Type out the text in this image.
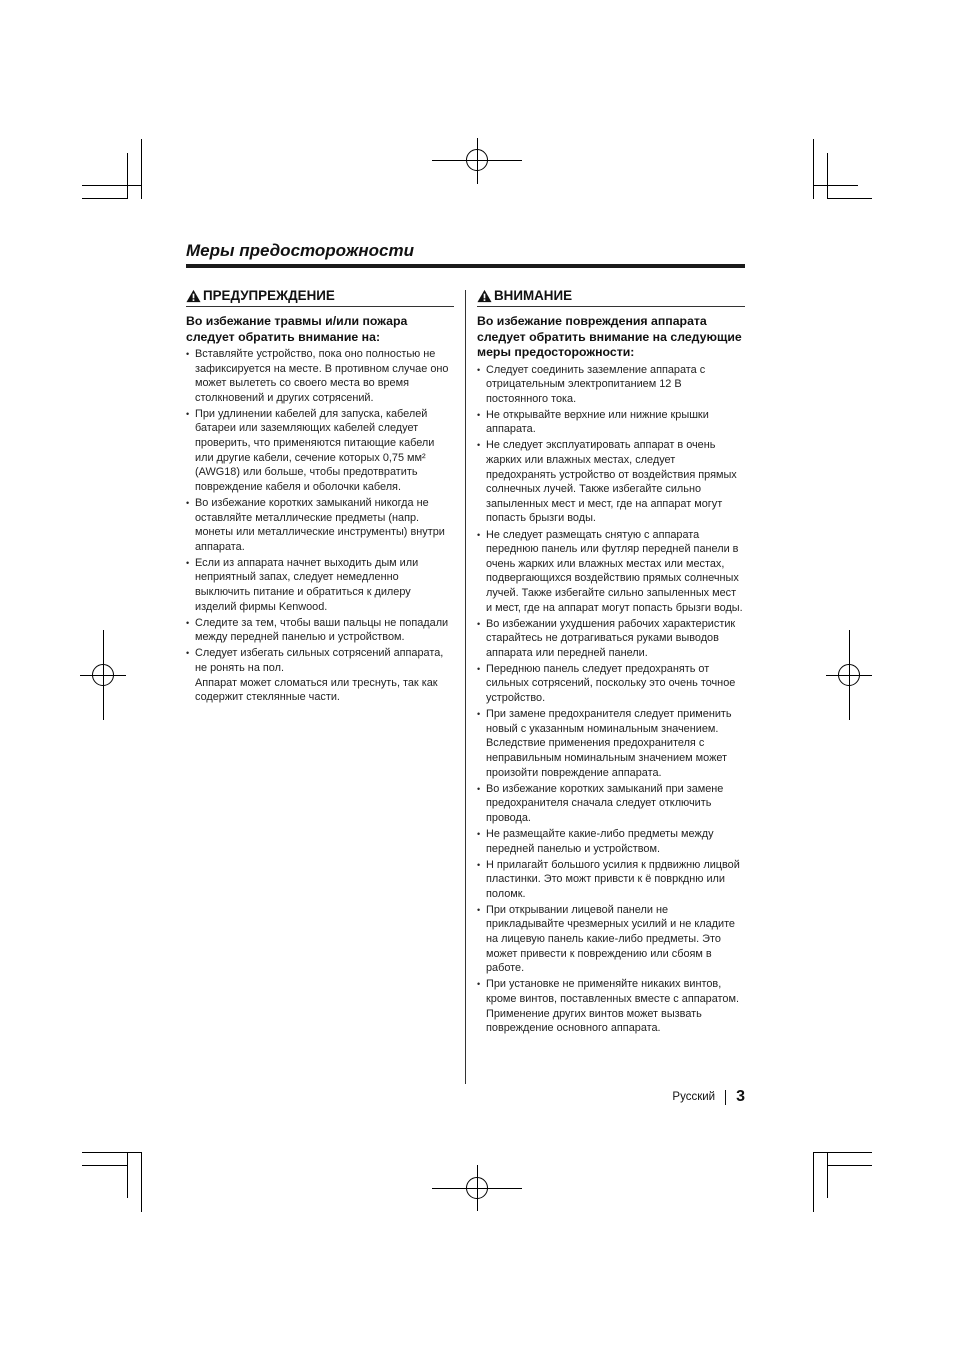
Меры предосторожности
ПРЕДУПРЕЖДЕНИЕ
Во избежание травмы и/или пожара следует обратить внимание на:
• Вставляйте устройство, пока оно полностью не зафиксируется на месте. В противном случае оно может вылететь со своего места во время столкновений и других сотрясений.
• При удлинении кабелей для запуска, кабелей батареи или заземляющих кабелей следует проверить, что применяются питающие кабели или другие кабели, сечение которых 0,75 мм² (AWG18) или больше, чтобы предотвратить повреждение кабеля и оболочки кабеля.
• Во избежание коротких замыканий никогда не оставляйте металлические предметы (напр. монеты или металлические инструменты) внутри аппарата.
• Если из аппарата начнет выходить дым или неприятный запах, следует немедленно выключить питание и обратиться к дилеру изделий фирмы Kenwood.
• Следите за тем, чтобы ваши пальцы не попадали между передней панелью и устройством.
• Следует избегать сильных сотрясений аппарата, не ронять на пол.
Аппарат может сломаться или треснуть, так как содержит стеклянные части.
ВНИМАНИЕ
Во избежание повреждения аппарата следует обратить внимание на следующие меры предосторожности:
• Следует соединить заземление аппарата с отрицательным электропитанием 12 В постоянного тока.
• Не открывайте верхние или нижние крышки аппарата.
• Не следует эксплуатировать аппарат в очень жарких или влажных местах, следует предохранять устройство от воздействия прямых солнечных лучей. Также избегайте сильно запыленных мест и мест, где на аппарат могут попасть брызги воды.
• Не следует размещать снятую с аппарата переднюю панель или футляр передней панели в очень жарких или влажных местах или местах, подвергающихся воздействию прямых солнечных лучей. Также избегайте сильно запыленных мест и мест, где на аппарат могут попасть брызги воды.
• Во избежании ухудшения рабочих характеристик старайтесь не дотрагиваться руками выводов аппарата или передней панели.
• Переднюю панель следует предохранять от сильных сотрясений, поскольку это очень точное устройство.
• При замене предохранителя следует применить новый с указанным номинальным значением. Вследствие применения предохранителя с неправильным номинальным значением может произойти повреждение аппарата.
• Во избежание коротких замыканий при замене предохранителя сначала следует отключить провода.
• Не размещайте какие-либо предметы между передней панелью и устройством.
• Н прилагайт большого усилия к прдвижню лицвой пластинки. Это можт привсти к ё повркдню или поломк.
• При открывании лицевой панели не прикладывайте чрезмерных усилий и не кладите на лицевую панель какие-либо предметы. Это может привести к повреждению или сбоям в работе.
• При установке не применяйте никаких винтов, кроме винтов, поставленных вместе с аппаратом. Применение других винтов может вызвать повреждение основного аппарата.
Русский 3
